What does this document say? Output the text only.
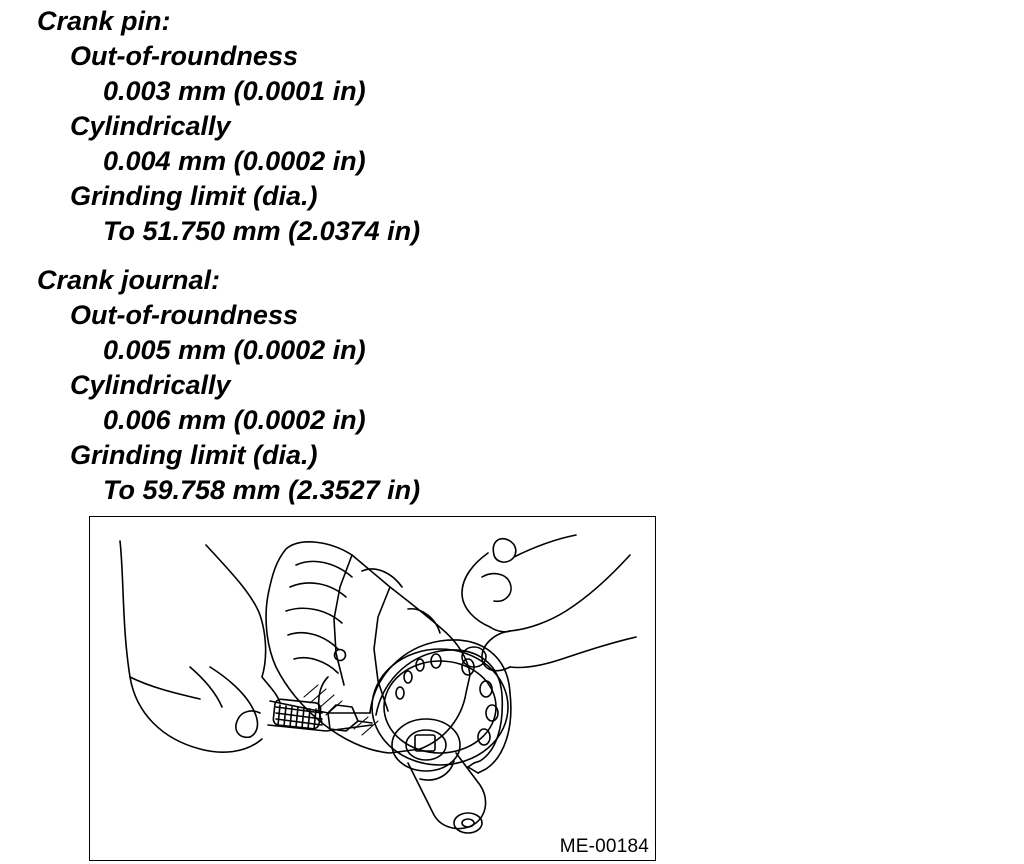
Crank pin:
Out-of-roundness
0.003 mm (0.0001 in)
Cylindrically
0.004 mm (0.0002 in)
Grinding limit (dia.)
To 51.750 mm (2.0374 in)
Crank journal:
Out-of-roundness
0.005 mm (0.0002 in)
Cylindrically
0.006 mm (0.0002 in)
Grinding limit (dia.)
To 59.758 mm (2.3527 in)
ME-00184
